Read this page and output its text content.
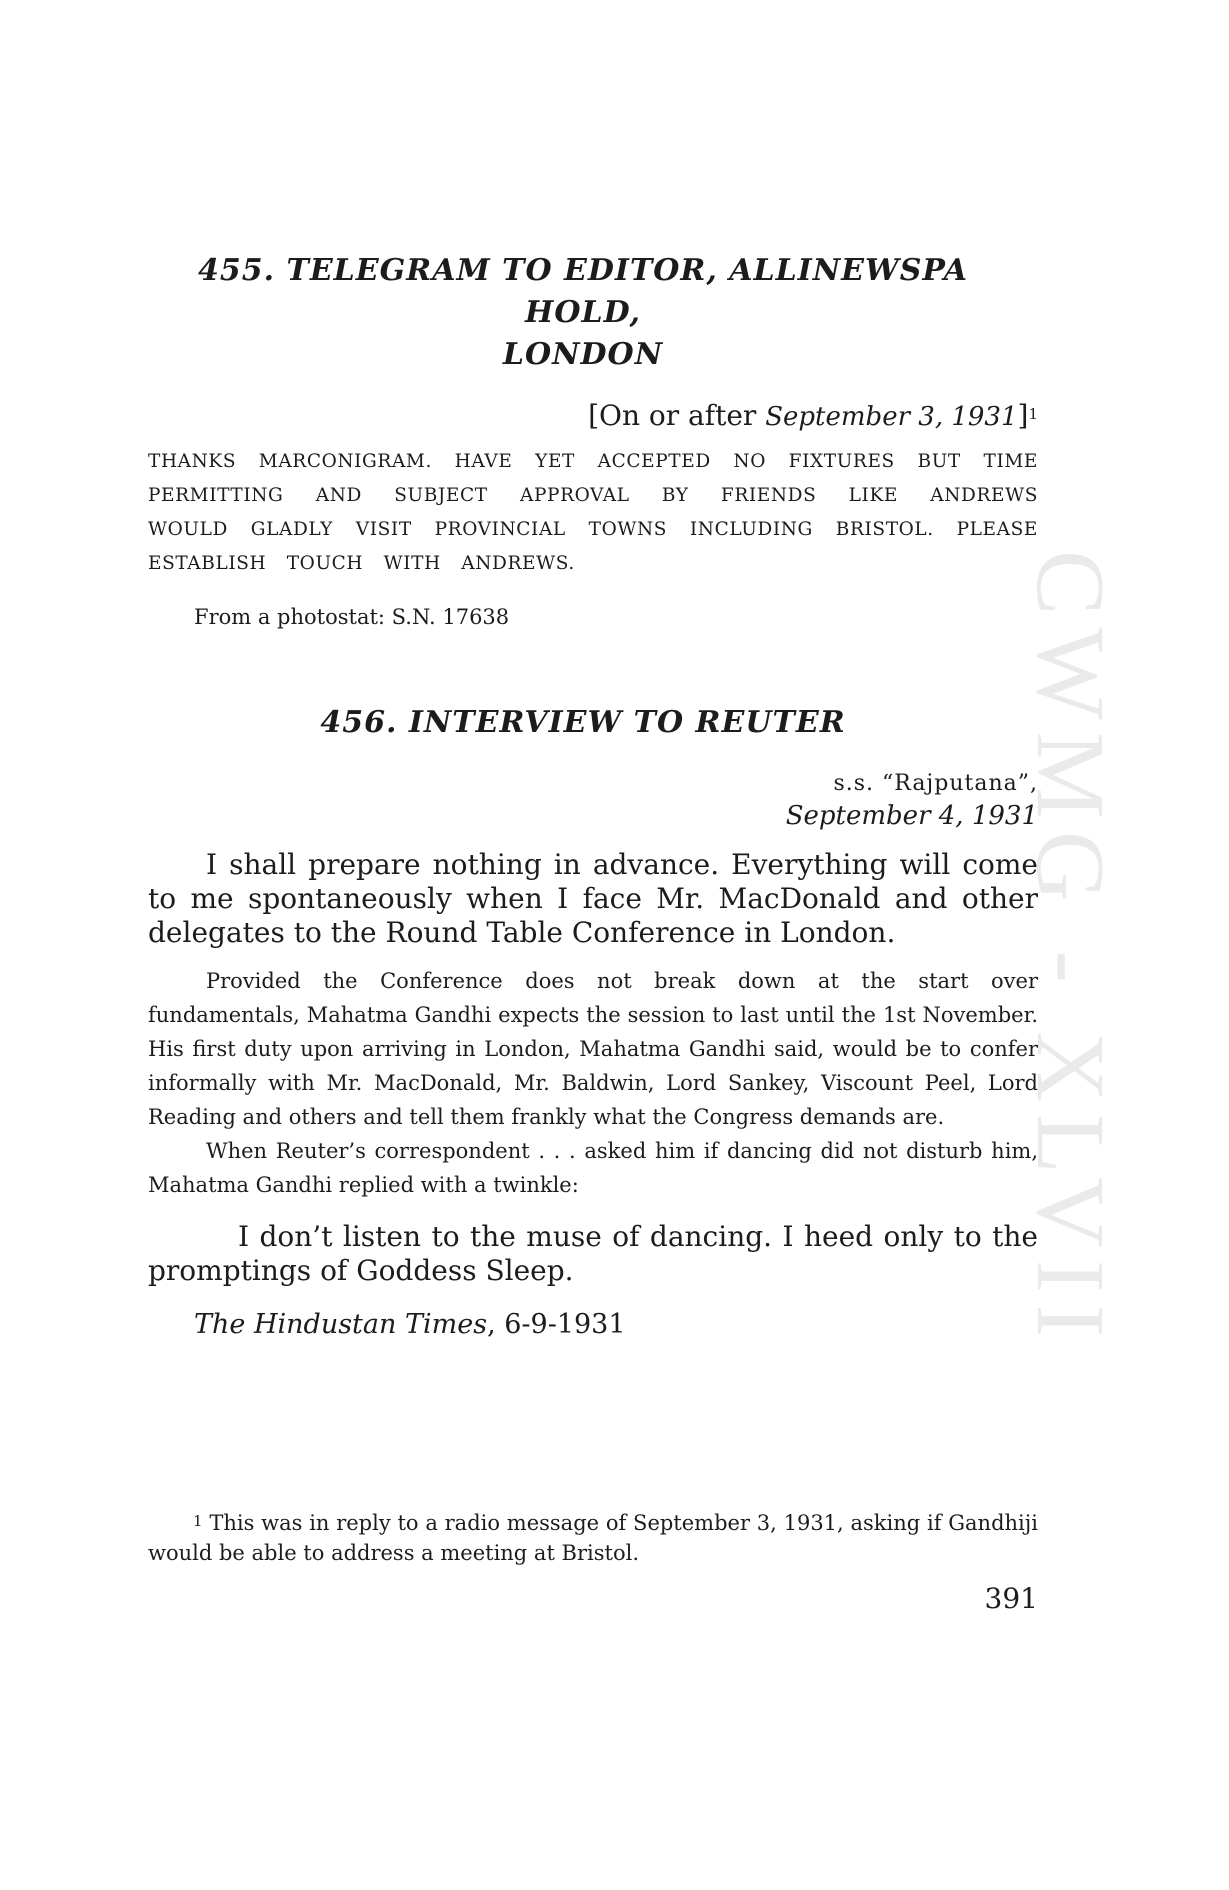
CWMG - XLVII
455. TELEGRAM TO EDITOR, ALLINEWSPA HOLD,
LONDON
[On or after September 3, 1931]$^1$

THANKS MARCONIGRAM. HAVE YET ACCEPTED NO FIXTURES BUT TIME PERMITTING AND SUBJECT APPROVAL BY FRIENDS LIKE ANDREWS WOULD GLADLY VISIT PROVINCIAL TOWNS INCLUDING BRISTOL. PLEASE ESTABLISH TOUCH WITH ANDREWS.

From a photostat: S.N. 17638
456. INTERVIEW TO REUTER
s.s. “Rajputana”,
September 4, 1931

I shall prepare nothing in advance. Everything will come to me spontaneously when I face Mr. MacDonald and other delegates to the Round Table Conference in London.

Provided the Conference does not break down at the start over fundamentals, Mahatma Gandhi expects the session to last until the 1st November. His first duty upon arriving in London, Mahatma Gandhi said, would be to confer informally with Mr. MacDonald, Mr. Baldwin, Lord Sankey, Viscount Peel, Lord Reading and others and tell them frankly what the Congress demands are.

When Reuter’s correspondent . . . asked him if dancing did not disturb him, Mahatma Gandhi replied with a twinkle:

I don’t listen to the muse of dancing. I heed only to the promptings of Goddess Sleep.

The Hindustan Times, 6-9-1931
$^1$ This was in reply to a radio message of September 3, 1931, asking if Gandhiji would be able to address a meeting at Bristol.
391
